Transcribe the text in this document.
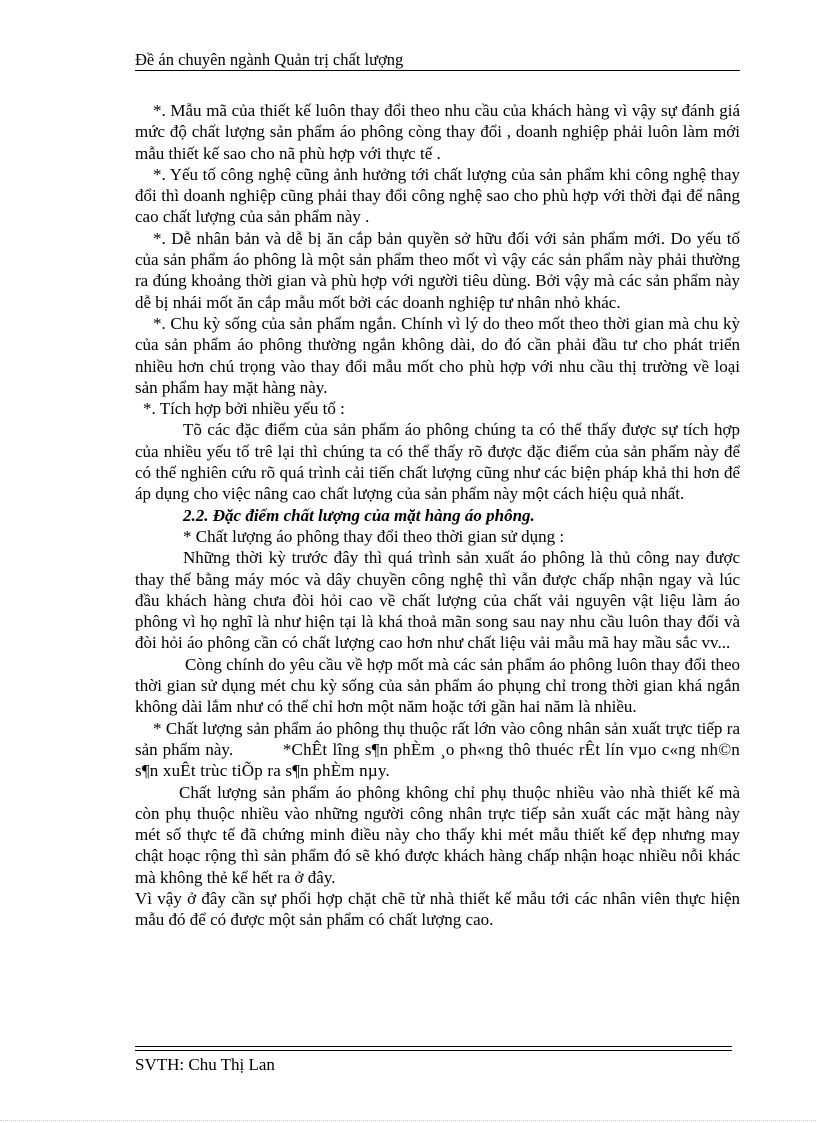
Đề án chuyên ngành Quản trị chất lượng

*. Mẫu mã của thiết kế luôn thay đổi theo nhu cầu của khách hàng vì vậy sự đánh giá mức độ chất lượng sản phẩm áo phông còng thay đổi , doanh nghiệp phải luôn làm mới mẫu thiết kế sao cho nã phù hợp với thực tế .

*. Yếu tố công nghệ cũng ảnh hưởng tới chất lượng của sản phẩm khi công nghệ thay đổi thì doanh nghiệp cũng phải thay đổi công nghệ sao cho phù hợp với thời đại để nâng cao chất lượng của sản phẩm này .

*. Dễ nhân bản và dễ bị ăn cắp bản quyền sở hữu đối với sản phẩm mới. Do yếu tố của sản phẩm áo phông là một sản phẩm theo mốt vì vậy các sản phẩm này phải thường ra đúng khoảng thời gian và phù hợp với người tiêu dùng. Bởi vậy mà các sản phẩm này dễ bị nhái mốt ăn cắp mẫu mốt bởi các doanh nghiệp tư nhân nhỏ khác.

*. Chu kỳ sống của sản phẩm ngắn. Chính vì lý do theo mốt theo thời gian mà chu kỳ của sản phẩm áo phông thường ngắn không dài, do đó cần phải đầu tư cho phát triển nhiều hơn chú trọng vào thay đổi mẫu mốt cho phù hợp với nhu cầu thị trường về loại sản phẩm hay mặt hàng này.

*. Tích hợp bởi nhiều yếu tố :

Tõ các đặc điểm của sản phẩm áo phông chúng ta có thể thấy được sự tích hợp của nhiều yếu tố trê lại thì chúng ta có thể thấy rõ được đặc điểm của sản phẩm này để có thể nghiên cứu rõ quá trình cải tiến chất lượng cũng như các biện pháp khả thi hơn để áp dụng cho việc nâng cao chất lượng của sản phẩm này một cách hiệu quả nhất.

2.2. Đặc điểm chất lượng của mặt hàng áo phông.

* Chất lượng áo phông thay đổi theo thời gian sử dụng :

Những thời kỳ trước đây thì quá trình sản xuất áo phông là thủ công nay được thay thế bằng máy móc và dây chuyền công nghệ thì vẫn được chấp nhận ngay và lúc đầu khách hàng chưa đòi hỏi cao về chất lượng của chất vải nguyên vật liệu làm áo phông vì họ nghĩ là như hiện tại là khá thoả mãn song sau nay nhu cầu luôn thay đổi và đòi hỏi áo phông cần có chất lượng cao hơn như chất liệu vải mẫu mã hay mầu sắc vv...

Còng chính do yêu cầu về hợp mốt mà các sản phẩm áo phông luôn thay đổi theo thời gian sử dụng mét chu kỳ sống của sản phẩm áo phụng chỉ trong thời gian khá ngắn không dài lắm như có thể chỉ hơn một năm hoặc tới gần hai năm là nhiều.

* Chất lượng sản phẩm áo phông thụ thuộc rất lớn vào công nhân sản xuất trực tiếp ra sản phẩm này.	*ChÊt lîng s¶n phÈm ¸o ph«ng thô thuéc rÊt lín vµo c«ng nh©n s¶n xuÊt trùc tiÕp ra s¶n phÈm nµy.

Chất lượng sản phẩm áo phông không chỉ phụ thuộc nhiều vào nhà thiết kế mà còn phụ thuộc nhiều vào những người công nhân trực tiếp sản xuất các mặt hàng này mét số thực tế đã chứng minh điều này cho thấy khi mét mẫu thiết kế đẹp nhưng may chật hoạc rộng thì sản phẩm đó sẽ khó được khách hàng chấp nhận hoạc nhiều nỗi khác mà không thẻ kể hết ra ở đây.

Vì vậy ở đây cần sự phối hợp chặt chẽ từ nhà thiết kế mẫu tới các nhân viên thực hiện mẫu đó để có được một sản phẩm có chất lượng cao.

SVTH: Chu Thị Lan
